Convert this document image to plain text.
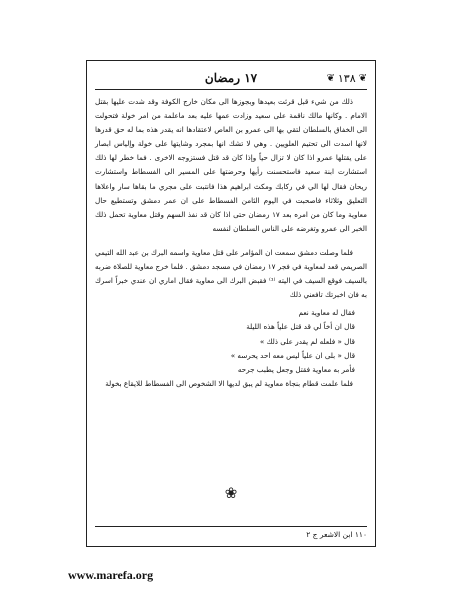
❦
١٣٨
❦
١٧ رمضان

ذلك من شيء قبل قرئت بعيدها وبجوزها الى مكان خارج الكوفة وقد شدت عليها بقتل الامام . وكانها مالك ناقمة على سعيد وزادت عمها عليه بعد ماعلمة من امر خولة فتحولت الى الخفاق بالسلطان لتقي بها الى عمرو بن العاص لاعتقادها انه يقدر هذه بما له حق قدرها لانها اسدت الى تحتيم العلويين . وهي لا تشك انها بمجرد وشايتها على خولة وإلياس ابصار على يقتلها عمرو اذا كان لا تزال حياً وإذا كان قد قتل فستزوجه الاخرى . فما خطر لها ذلك استشارت ابنة سعيد فاستحسنت رأيها وحرضتها على المسير الى الفسطاط واستشارت ريحان فقال لها الي في ركابك ومكث ابراهيم هذا فانتبت على مجري ما بقاها سار واعلاها التعليق وثلاثاء فاصحبت في اليوم الثامن الفسطاط على ان عمر دمشق وتستطيع حال معاوية وما كان من امره بعد ١٧ رمضان حتى اذا كان قد نفذ السهم وقتل معاوية تحمل ذلك الخبر الى عمرو وتغرضه على الناس السلطان لنفسه

فلما وصلت دمشق سمعت ان المؤامر على قتل معاوية واسمه البرك بن عبد الله التيمي الصريمي قعد لمعاوية في فجر ١٧ رمضان في مسجد دمشق . فلما خرج معاوية للصلاة ضربه بالسيف فوقع السيف في اليته ⁽¹⁾ فقبض البرك الى معاوية فقال اماري ان عندي خبراً اسرك به فان اخبرتك تافعني ذلك

فقال له معاوية نعم

قال ان أخاً لي قد قتل علياً هذه الليلة

قال « فلعله لم يقدر على ذلك »

قال « بلى ان علياً ليس معه احد يحرسه »

فأمر به معاوية فقتل وجعل يطبب جرحه

فلما علمت قطام بنجاة معاوية لم يبق لديها الا الشخوص الى الفسطاط للايقاع بخولة

❀
١١٠ ابن الاشعر ج ٢
www.marefa.org
